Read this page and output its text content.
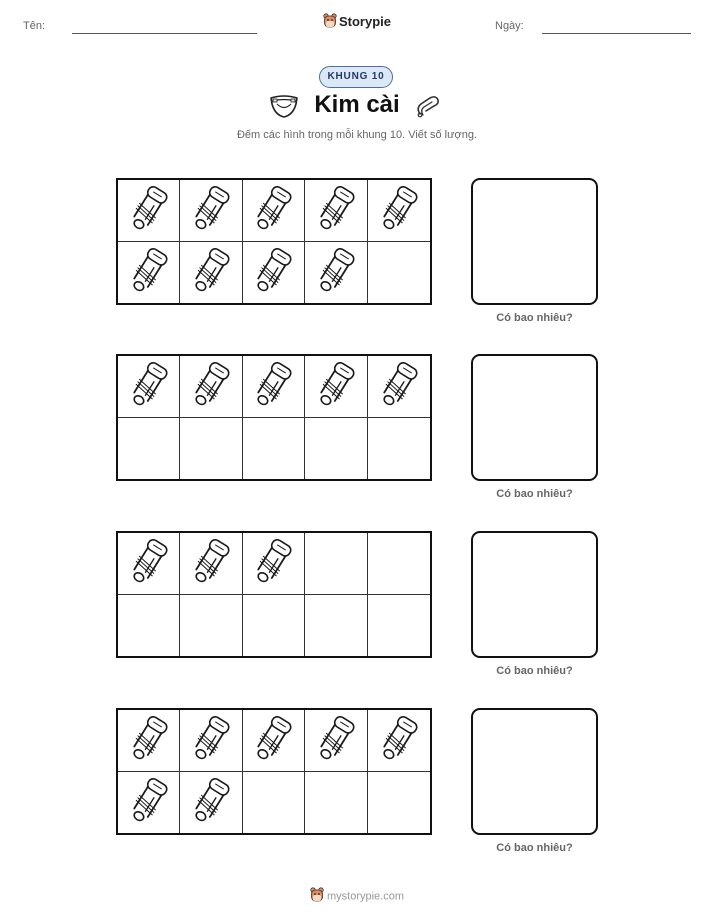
Tên:	Storypie	Ngày:
KHUNG 10
Kim cài
Đếm các hình trong mỗi khung 10. Viết số lượng.
Có bao nhiêu?
Có bao nhiêu?
Có bao nhiêu?
Có bao nhiêu?
mystorypie.com
